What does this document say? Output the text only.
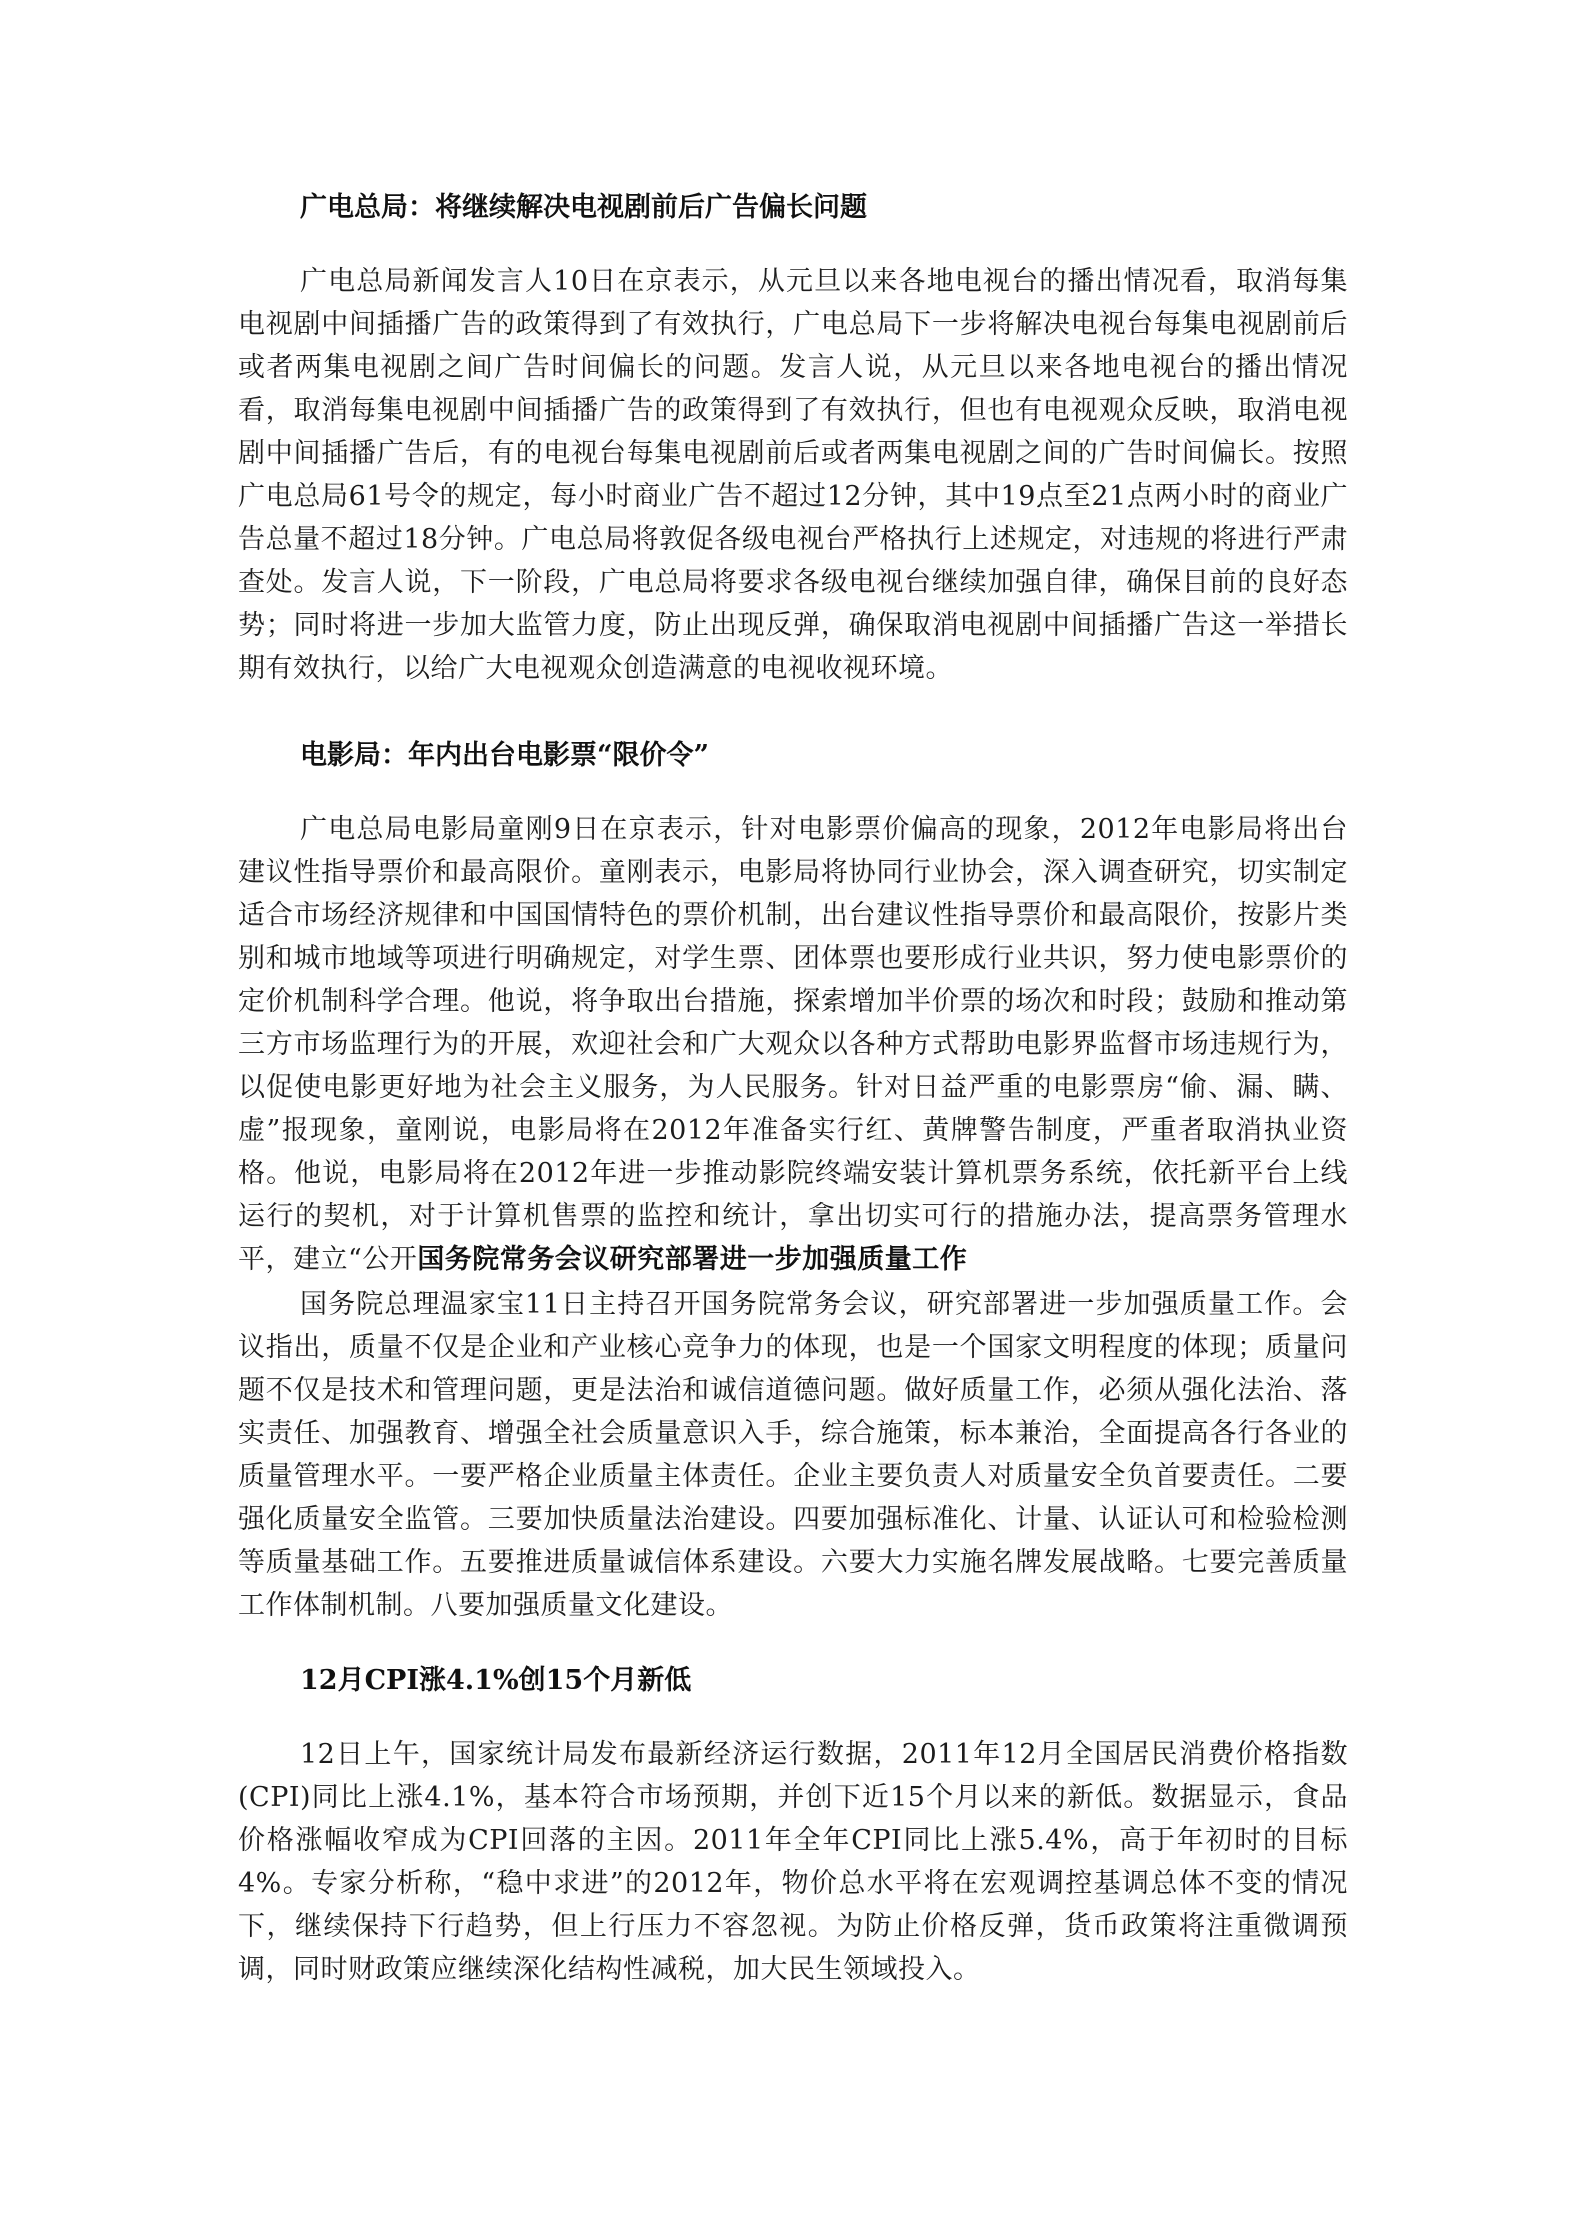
广电总局：将继续解决电视剧前后广告偏长问题

广电总局新闻发言人10日在京表示，从元旦以来各地电视台的播出情况看，取消每集电视剧中间插播广告的政策得到了有效执行，广电总局下一步将解决电视台每集电视剧前后或者两集电视剧之间广告时间偏长的问题。发言人说，从元旦以来各地电视台的播出情况看，取消每集电视剧中间插播广告的政策得到了有效执行，但也有电视观众反映，取消电视剧中间插播广告后，有的电视台每集电视剧前后或者两集电视剧之间的广告时间偏长。按照广电总局61号令的规定，每小时商业广告不超过12分钟，其中19点至21点两小时的商业广告总量不超过18分钟。广电总局将敦促各级电视台严格执行上述规定，对违规的将进行严肃查处。发言人说，下一阶段，广电总局将要求各级电视台继续加强自律，确保目前的良好态势；同时将进一步加大监管力度，防止出现反弹，确保取消电视剧中间插播广告这一举措长期有效执行，以给广大电视观众创造满意的电视收视环境。

电影局：年内出台电影票“限价令”

广电总局电影局童刚9日在京表示，针对电影票价偏高的现象，2012年电影局将出台建议性指导票价和最高限价。童刚表示，电影局将协同行业协会，深入调查研究，切实制定适合市场经济规律和中国国情特色的票价机制，出台建议性指导票价和最高限价，按影片类别和城市地域等项进行明确规定，对学生票、团体票也要形成行业共识，努力使电影票价的定价机制科学合理。他说，将争取出台措施，探索增加半价票的场次和时段；鼓励和推动第三方市场监理行为的开展，欢迎社会和广大观众以各种方式帮助电影界监督市场违规行为，以促使电影更好地为社会主义服务，为人民服务。针对日益严重的电影票房“偷、漏、瞒、虚”报现象，童刚说，电影局将在2012年准备实行红、黄牌警告制度，严重者取消执业资格。他说，电影局将在2012年进一步推动影院终端安装计算机票务系统，依托新平台上线运行的契机，对于计算机售票的监控和统计，拿出切实可行的措施办法，提高票务管理水平，建立“公开国务院常务会议研究部署进一步加强质量工作

国务院总理温家宝11日主持召开国务院常务会议，研究部署进一步加强质量工作。会议指出，质量不仅是企业和产业核心竞争力的体现，也是一个国家文明程度的体现；质量问题不仅是技术和管理问题，更是法治和诚信道德问题。做好质量工作，必须从强化法治、落实责任、加强教育、增强全社会质量意识入手，综合施策，标本兼治，全面提高各行各业的质量管理水平。一要严格企业质量主体责任。企业主要负责人对质量安全负首要责任。二要强化质量安全监管。三要加快质量法治建设。四要加强标准化、计量、认证认可和检验检测等质量基础工作。五要推进质量诚信体系建设。六要大力实施名牌发展战略。七要完善质量工作体制机制。八要加强质量文化建设。

12月CPI涨4.1%创15个月新低

12日上午，国家统计局发布最新经济运行数据，2011年12月全国居民消费价格指数(CPI)同比上涨4.1%，基本符合市场预期，并创下近15个月以来的新低。数据显示，食品价格涨幅收窄成为CPI回落的主因。2011年全年CPI同比上涨5.4%，高于年初时的目标4%。专家分析称，“稳中求进”的2012年，物价总水平将在宏观调控基调总体不变的情况下，继续保持下行趋势，但上行压力不容忽视。为防止价格反弹，货币政策将注重微调预调，同时财政策应继续深化结构性减税，加大民生领域投入。
